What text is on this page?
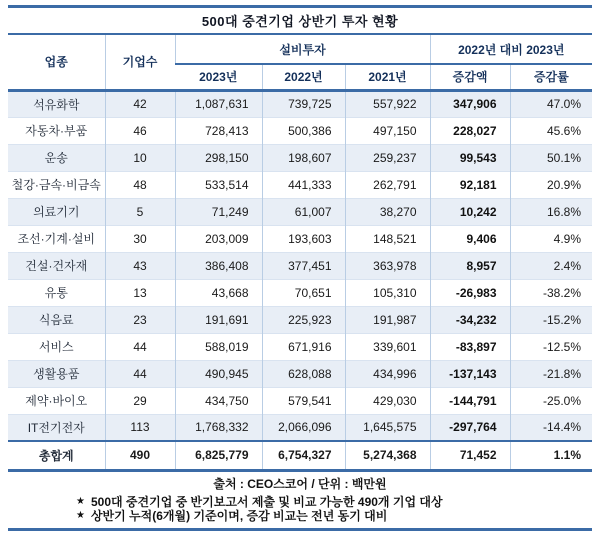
500대 중견기업 상반기 투자 현황
업종	기업수	설비투자			2022년 대비 2023년	
		2023년	2022년	2021년	증감액	증감률
석유화학	42	1,087,631	739,725	557,922	347,906	47.0%
자동차·부품	46	728,413	500,386	497,150	228,027	45.6%
운송	10	298,150	198,607	259,237	99,543	50.1%
철강·금속·비금속	48	533,514	441,333	262,791	92,181	20.9%
의료기기	5	71,249	61,007	38,270	10,242	16.8%
조선·기계·설비	30	203,009	193,603	148,521	9,406	4.9%
건설·건자재	43	386,408	377,451	363,978	8,957	2.4%
유통	13	43,668	70,651	105,310	-26,983	-38.2%
식음료	23	191,691	225,923	191,987	-34,232	-15.2%
서비스	44	588,019	671,916	339,601	-83,897	-12.5%
생활용품	44	490,945	628,088	434,996	-137,143	-21.8%
제약·바이오	29	434,750	579,541	429,030	-144,791	-25.0%
IT전기전자	113	1,768,332	2,066,096	1,645,575	-297,764	-14.4%
총합계	490	6,825,779	6,754,327	5,274,368	71,452	1.1%
출처 : CEO스코어 / 단위 : 백만원
★ 500대 중견기업 중 반기보고서 제출 및 비교 가능한 490개 기업 대상
★ 상반기 누적(6개월) 기준이며, 증감 비교는 전년 동기 대비
